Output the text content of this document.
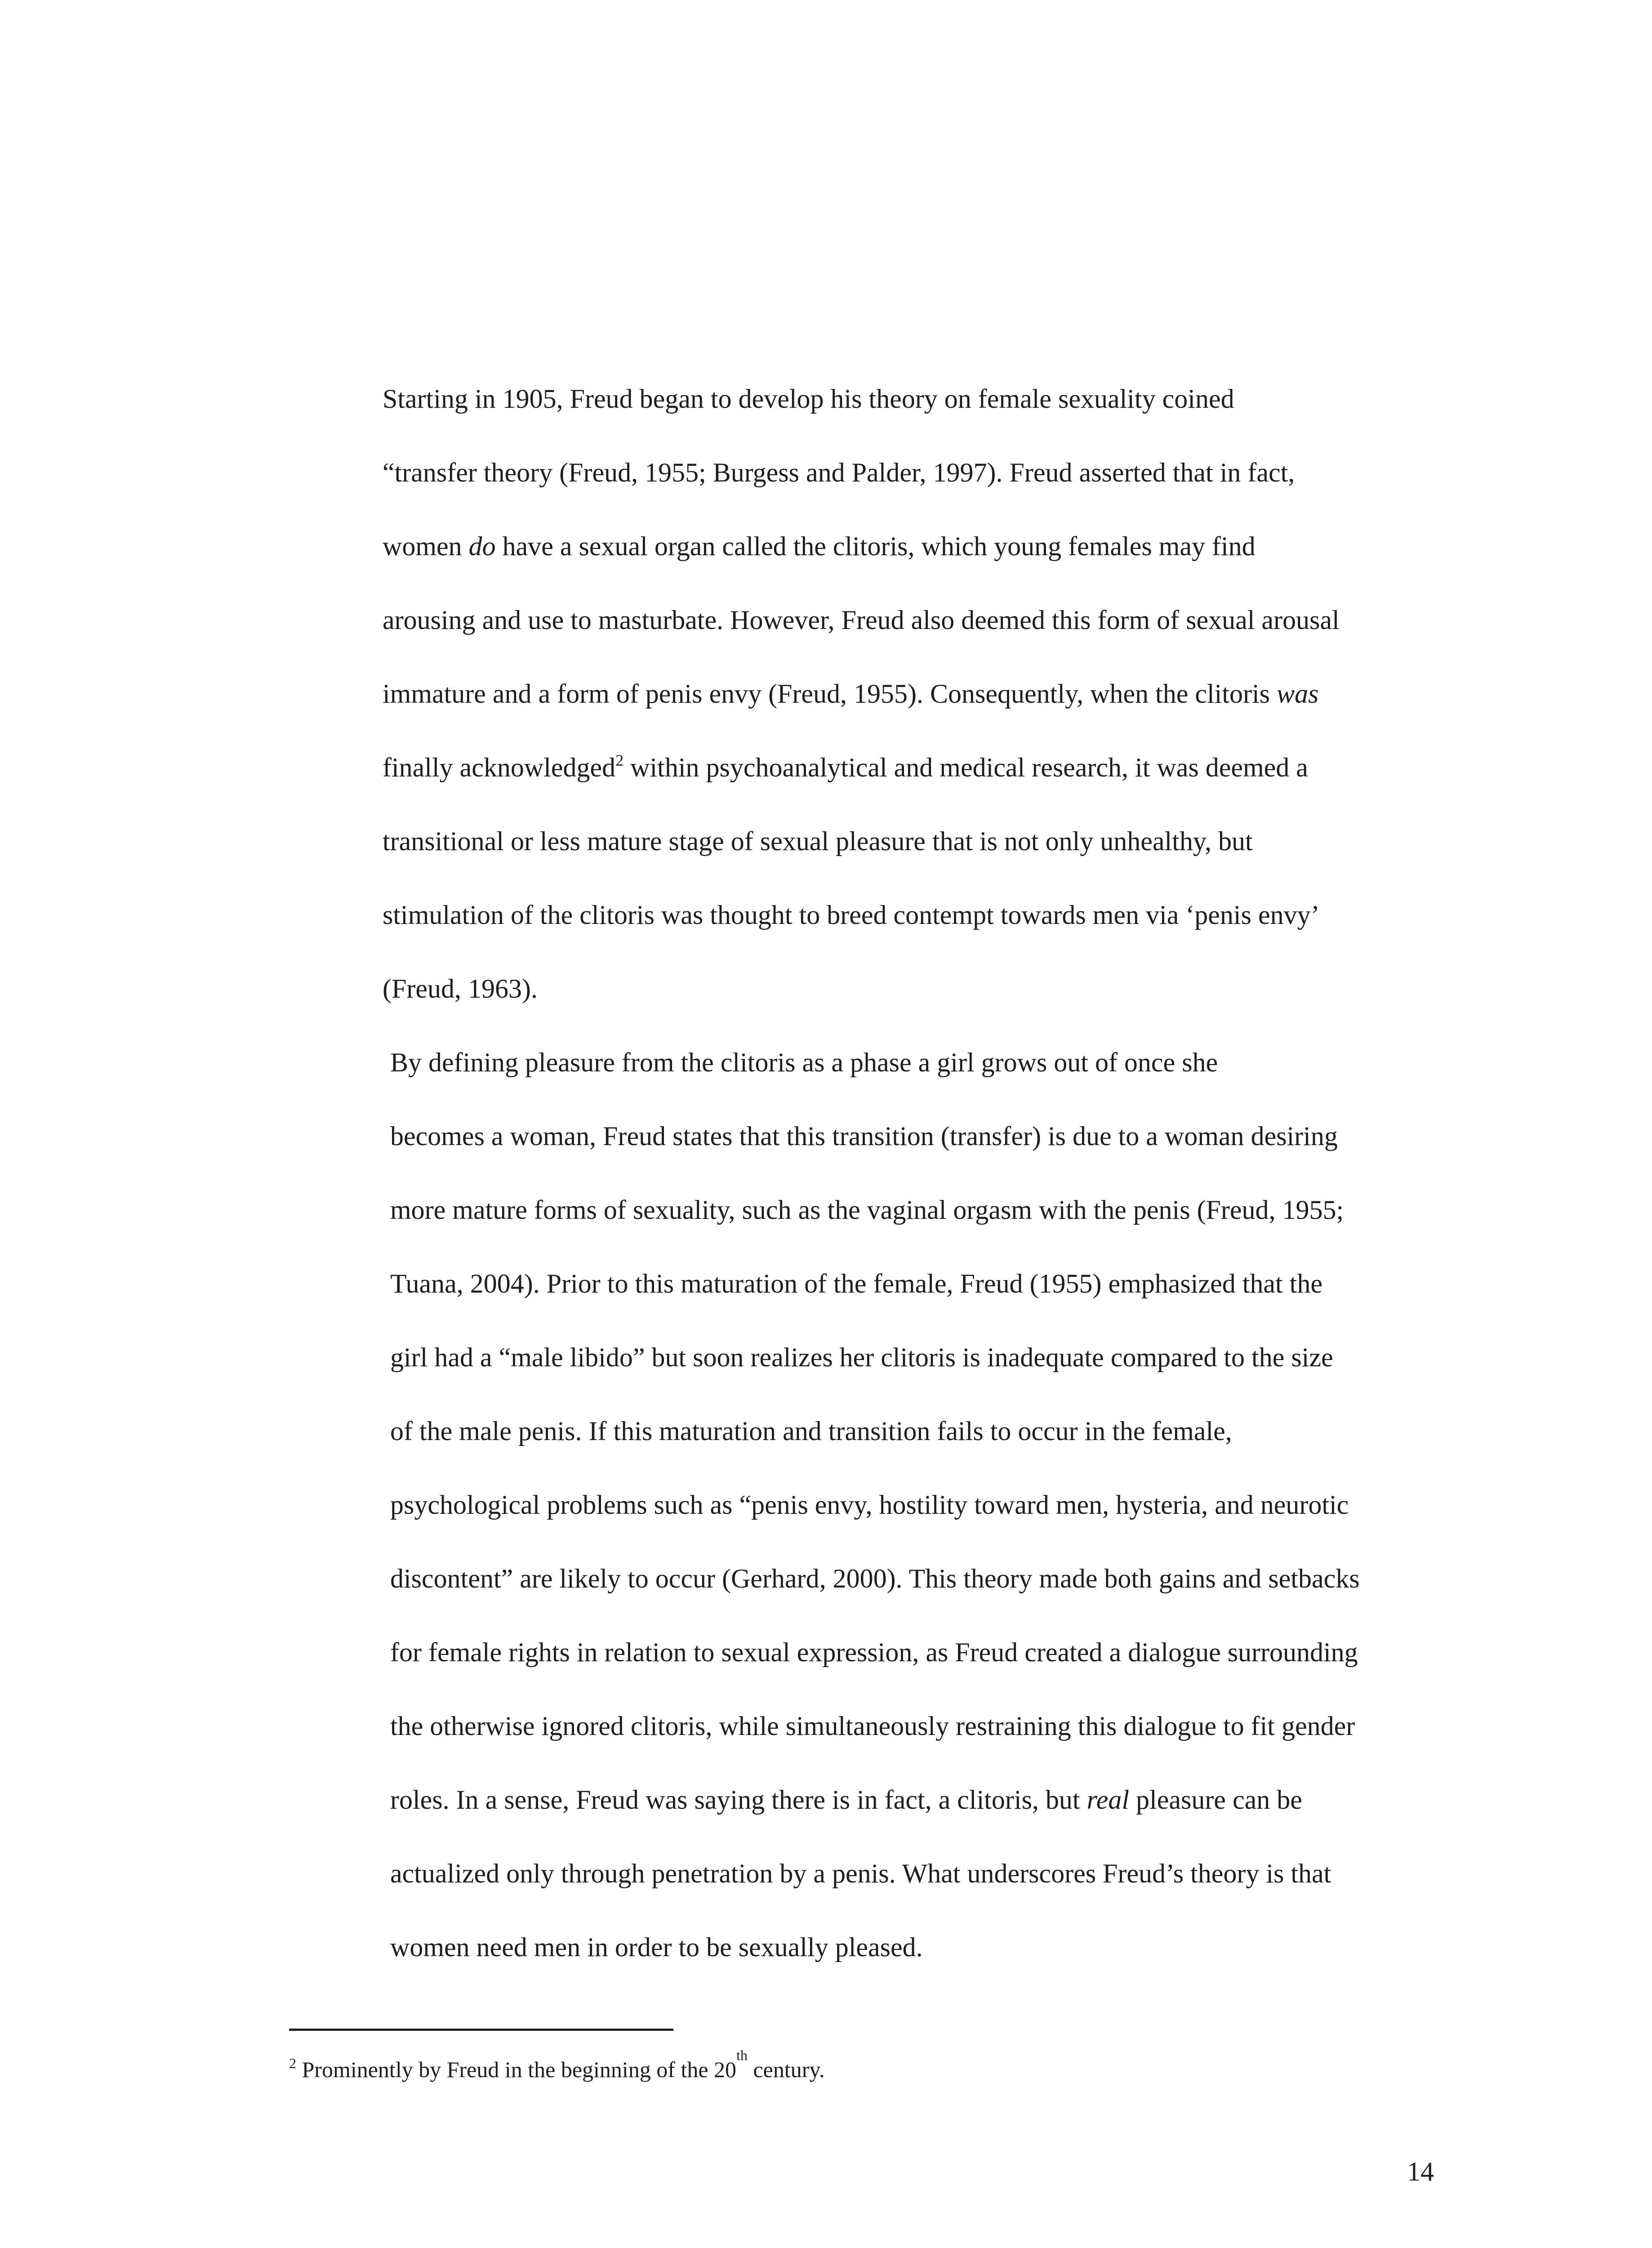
Starting in 1905, Freud began to develop his theory on female sexuality coined
“transfer theory (Freud, 1955; Burgess and Palder, 1997). Freud asserted that in fact,
women do have a sexual organ called the clitoris, which young females may find
arousing and use to masturbate. However, Freud also deemed this form of sexual arousal
immature and a form of penis envy (Freud, 1955). Consequently, when the clitoris was
finally acknowledged$^2$ within psychoanalytical and medical research, it was deemed a
transitional or less mature stage of sexual pleasure that is not only unhealthy, but
stimulation of the clitoris was thought to breed contempt towards men via ‘penis envy’
(Freud, 1963).

By defining pleasure from the clitoris as a phase a girl grows out of once she
becomes a woman, Freud states that this transition (transfer) is due to a woman desiring
more mature forms of sexuality, such as the vaginal orgasm with the penis (Freud, 1955;
Tuana, 2004). Prior to this maturation of the female, Freud (1955) emphasized that the
girl had a “male libido” but soon realizes her clitoris is inadequate compared to the size
of the male penis. If this maturation and transition fails to occur in the female,
psychological problems such as “penis envy, hostility toward men, hysteria, and neurotic
discontent” are likely to occur (Gerhard, 2000). This theory made both gains and setbacks
for female rights in relation to sexual expression, as Freud created a dialogue surrounding
the otherwise ignored clitoris, while simultaneously restraining this dialogue to fit gender
roles. In a sense, Freud was saying there is in fact, a clitoris, but real pleasure can be
actualized only through penetration by a penis. What underscores Freud’s theory is that
women need men in order to be sexually pleased.

$^2$ Prominently by Freud in the beginning of the 20th century.
14
